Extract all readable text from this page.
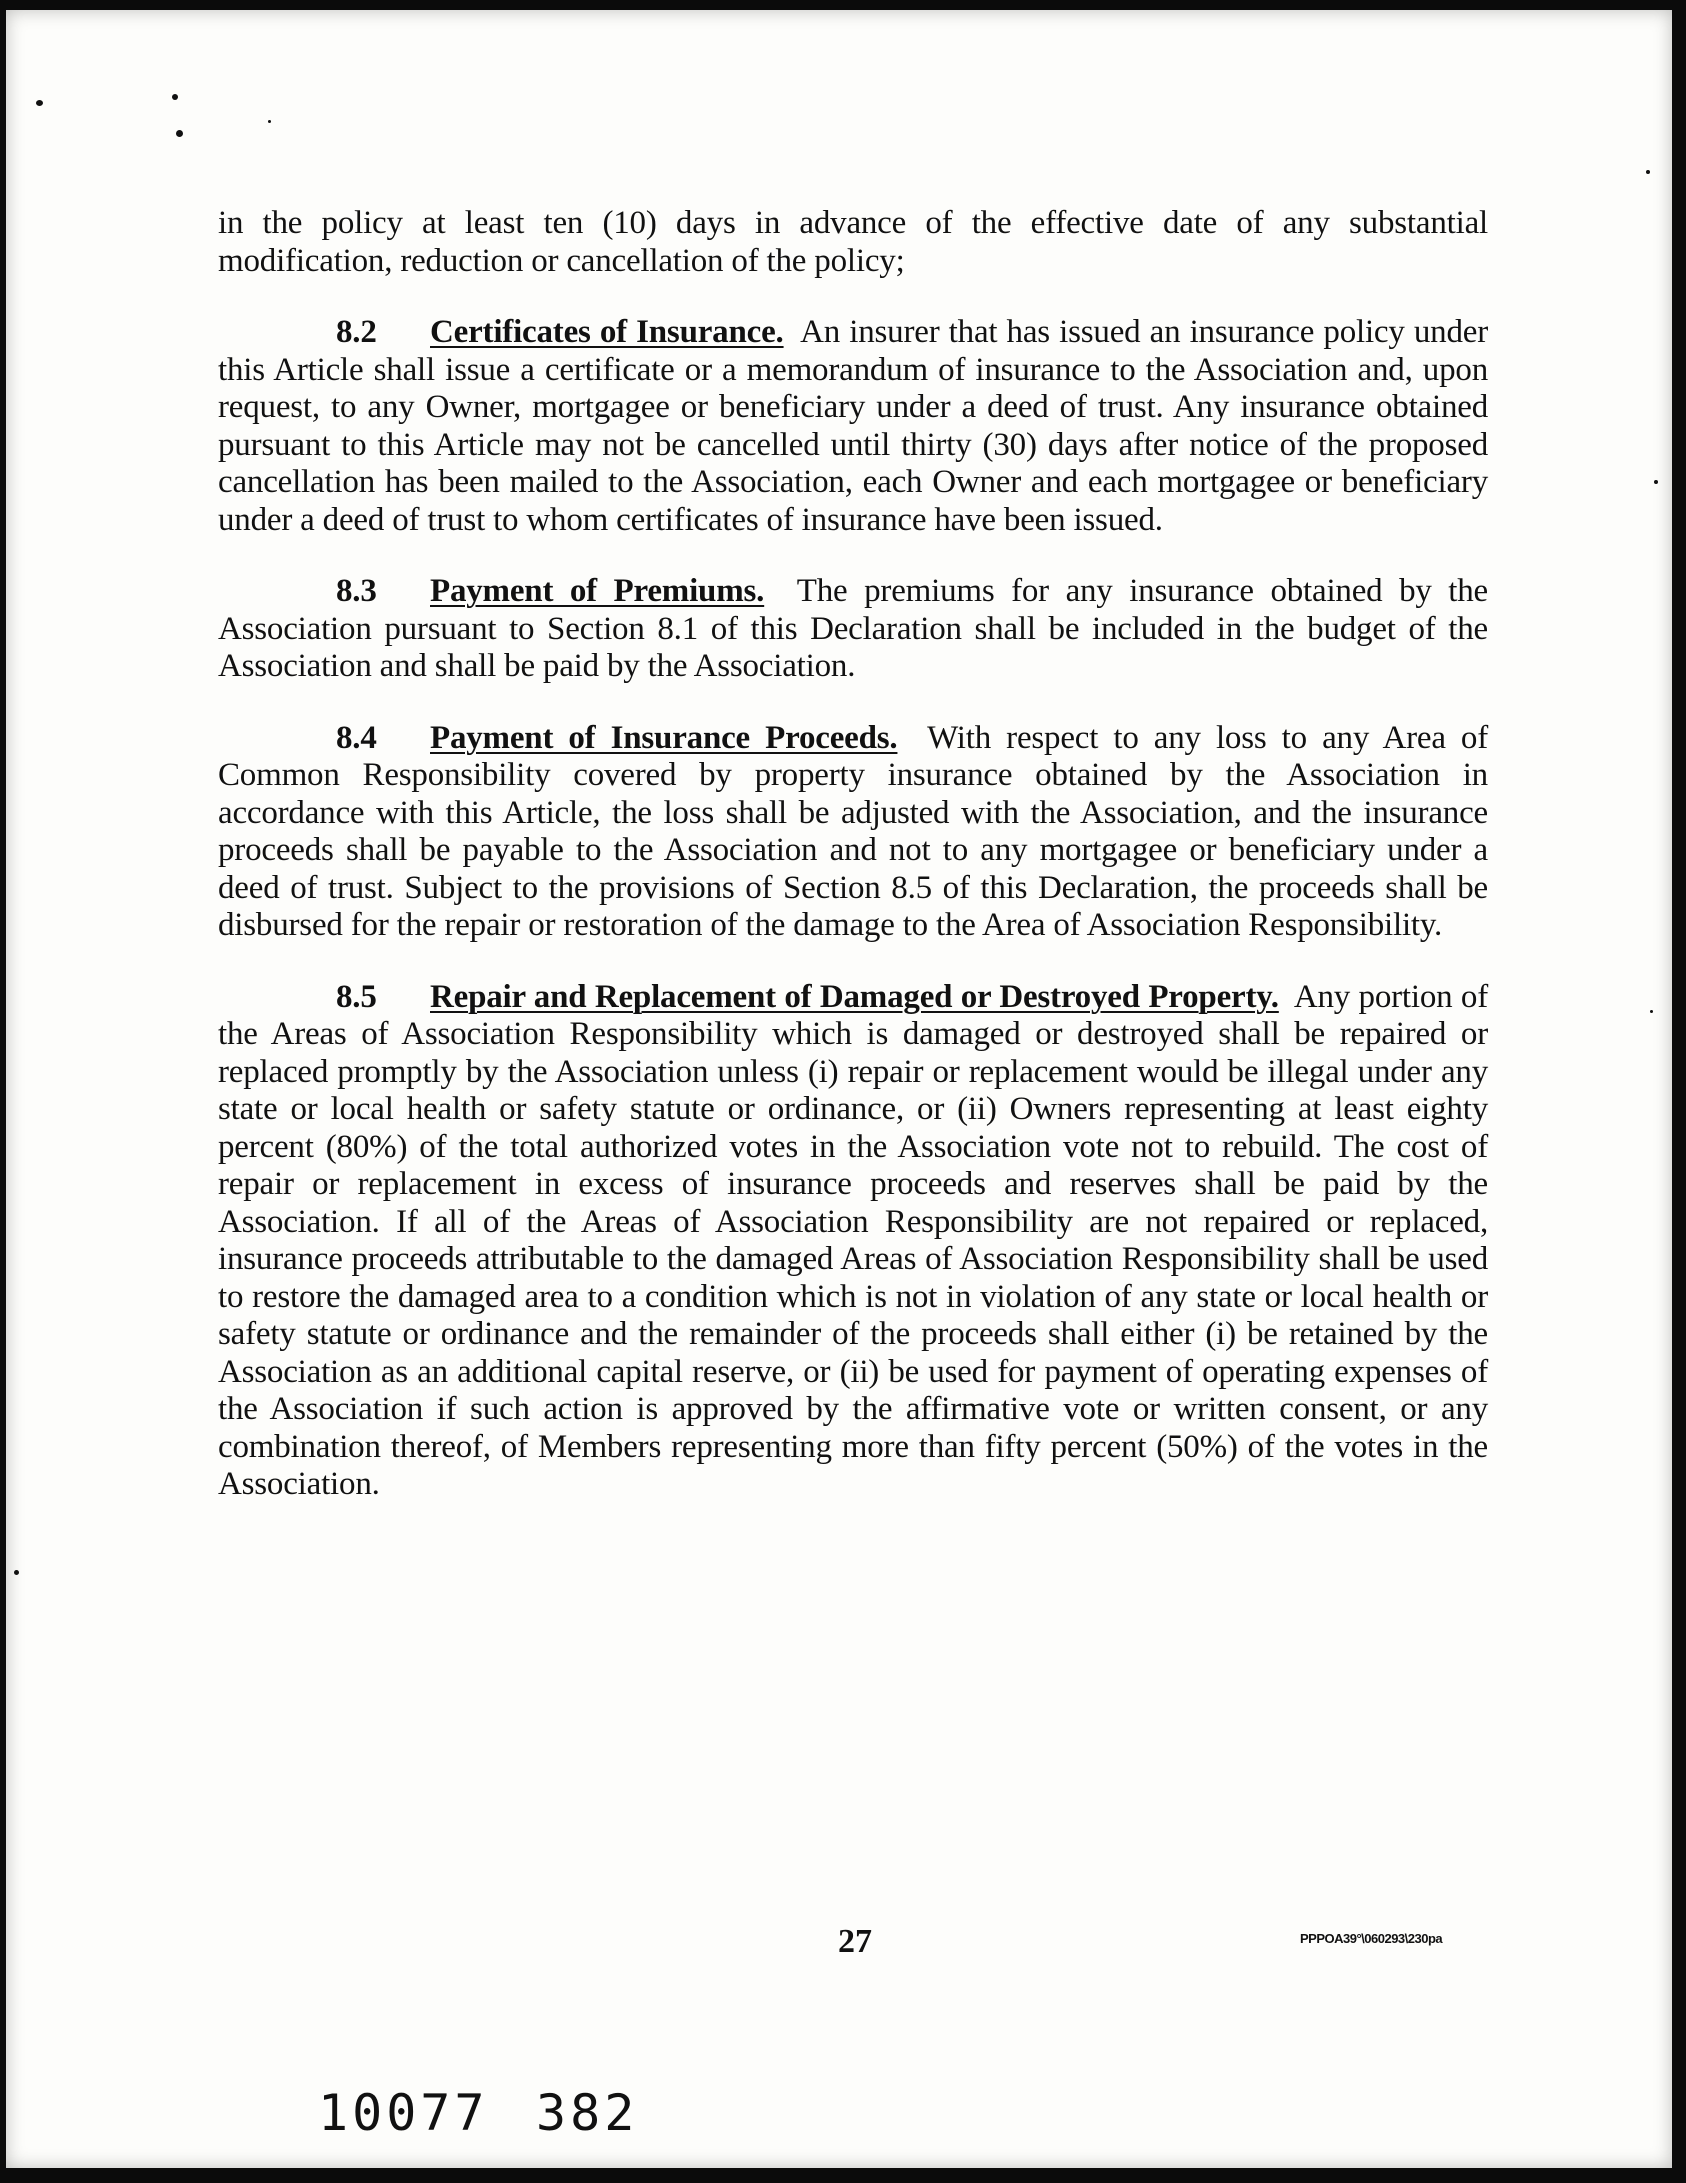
in the policy at least ten (10) days in advance of the effective date of any substantial modification, reduction or cancellation of the policy;

8.2 Certificates of Insurance. An insurer that has issued an insurance policy under this Article shall issue a certificate or a memorandum of insurance to the Association and, upon request, to any Owner, mortgagee or beneficiary under a deed of trust. Any insurance obtained pursuant to this Article may not be cancelled until thirty (30) days after notice of the proposed cancellation has been mailed to the Association, each Owner and each mortgagee or beneficiary under a deed of trust to whom certificates of insurance have been issued.

8.3 Payment of Premiums. The premiums for any insurance obtained by the Association pursuant to Section 8.1 of this Declaration shall be included in the budget of the Association and shall be paid by the Association.

8.4 Payment of Insurance Proceeds. With respect to any loss to any Area of Common Responsibility covered by property insurance obtained by the Association in accordance with this Article, the loss shall be adjusted with the Association, and the insurance proceeds shall be payable to the Association and not to any mortgagee or beneficiary under a deed of trust. Subject to the provisions of Section 8.5 of this Declaration, the proceeds shall be disbursed for the repair or restoration of the damage to the Area of Association Responsibility.

8.5 Repair and Replacement of Damaged or Destroyed Property. Any portion of the Areas of Association Responsibility which is damaged or destroyed shall be repaired or replaced promptly by the Association unless (i) repair or replacement would be illegal under any state or local health or safety statute or ordinance, or (ii) Owners representing at least eighty percent (80%) of the total authorized votes in the Association vote not to rebuild. The cost of repair or replacement in excess of insurance proceeds and reserves shall be paid by the Association. If all of the Areas of Association Responsibility are not repaired or replaced, insurance proceeds attributable to the damaged Areas of Association Responsibility shall be used to restore the damaged area to a condition which is not in violation of any state or local health or safety statute or ordinance and the remainder of the proceeds shall either (i) be retained by the Association as an additional capital reserve, or (ii) be used for payment of operating expenses of the Association if such action is approved by the affirmative vote or written consent, or any combination thereof, of Members representing more than fifty percent (50%) of the votes in the Association.

27	PPPOA39°\060293\230pa
10077 382
